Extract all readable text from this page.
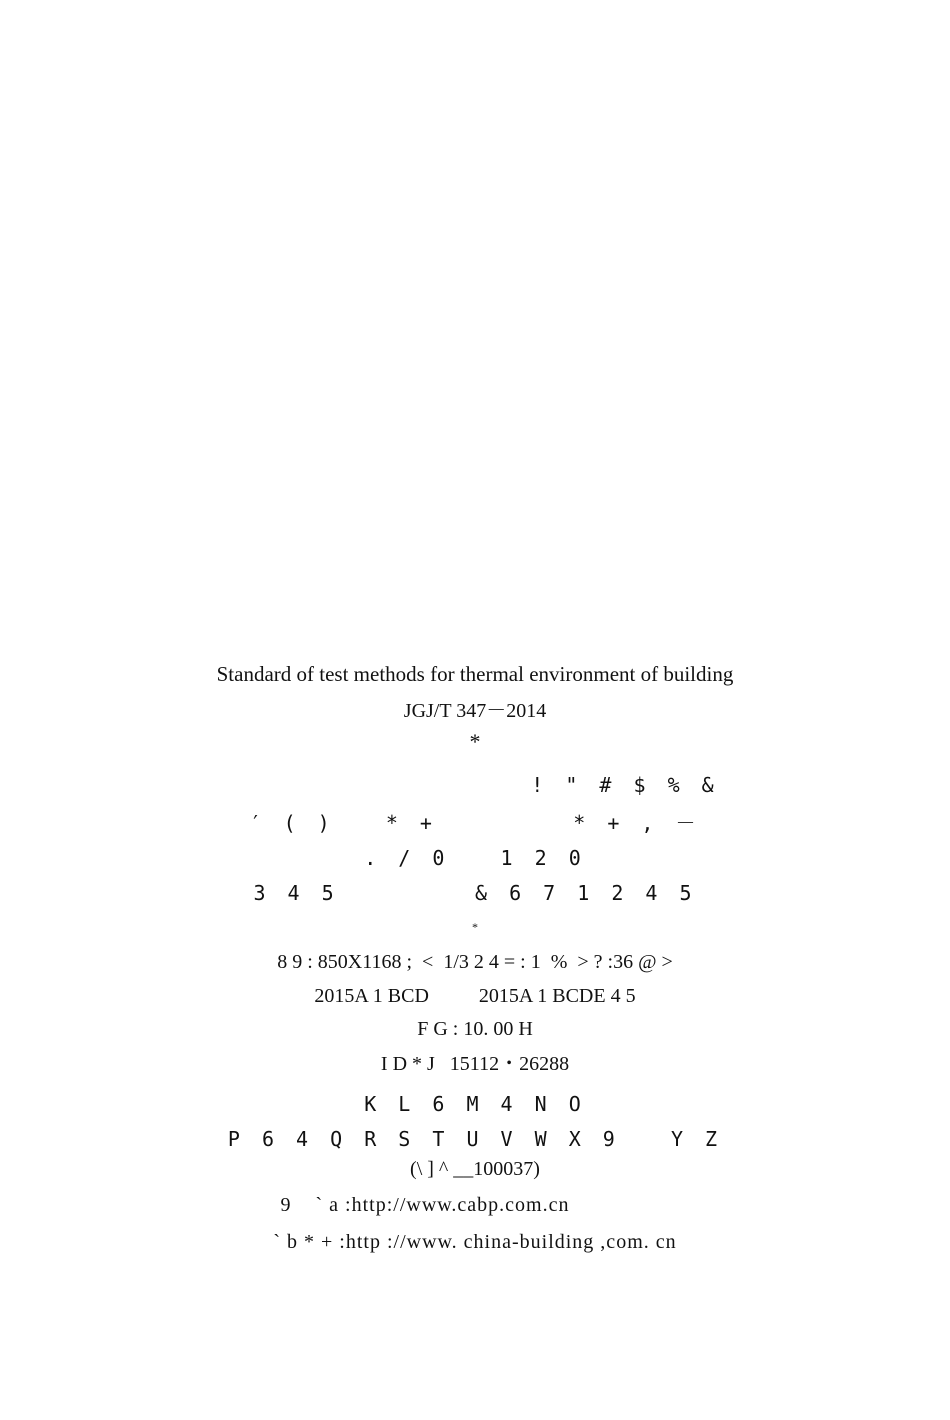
Standard of test methods for thermal environment of building
JGJ/T 347－2014
*
! " # $ % &
′ ( )   * +        * + , －
. / 0   1 2 0
3 4 5        & 6 7 1 2 4 5
*
8 9 : 850X1168 ;  <  1/3 2 4 = : 1  %  > ? :36 @ >
2015A 1 BCD          2015A 1 BCDE 4 5
F G : 10. 00 H
I D * J   15112・26288
K L 6 M 4 N O
P 6 4 Q R S T U V W X 9   Y Z
(\ ] ^ __100037)
9    ` a :http://www.cabp.com.cn
` b * + :http ://www. china-building ,com. cn
